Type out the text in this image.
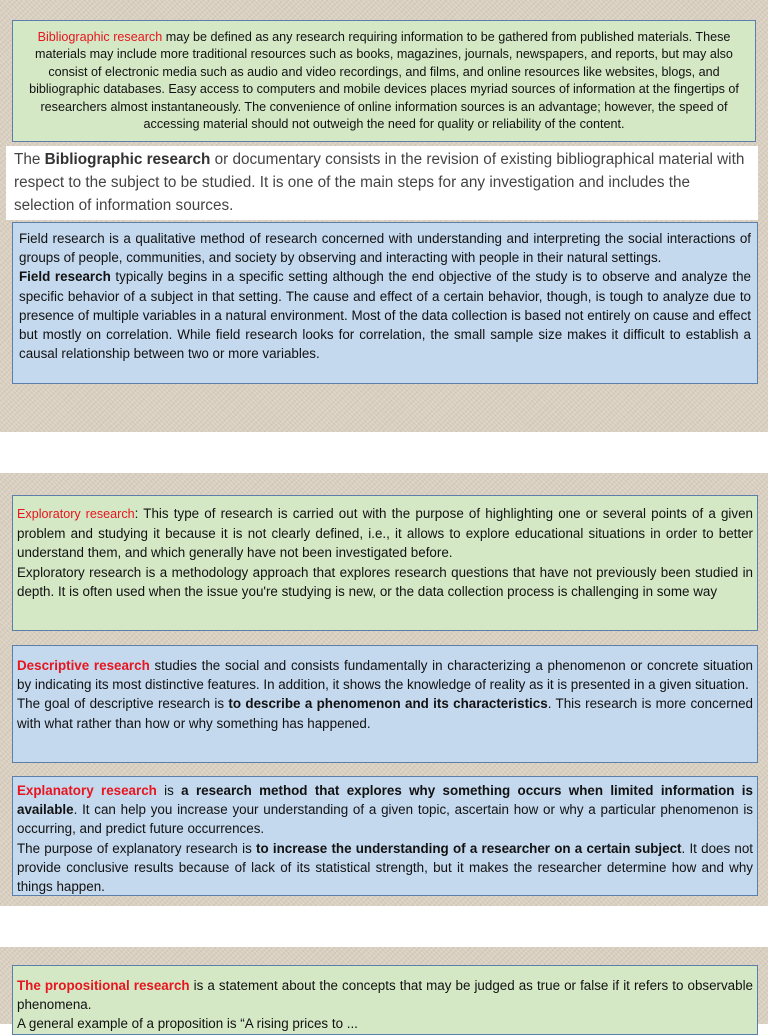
Bibliographic research may be defined as any research requiring information to be gathered from published materials. These materials may include more traditional resources such as books, magazines, journals, newspapers, and reports, but may also consist of electronic media such as audio and video recordings, and films, and online resources like websites, blogs, and bibliographic databases. Easy access to computers and mobile devices places myriad sources of information at the fingertips of researchers almost instantaneously. The convenience of online information sources is an advantage; however, the speed of accessing material should not outweigh the need for quality or reliability of the content.

The Bibliographic research or documentary consists in the revision of existing bibliographical material with respect to the subject to be studied. It is one of the main steps for any investigation and includes the selection of information sources.

Field research is a qualitative method of research concerned with understanding and interpreting the social interactions of groups of people, communities, and society by observing and interacting with people in their natural settings.

Field research typically begins in a specific setting although the end objective of the study is to observe and analyze the specific behavior of a subject in that setting. The cause and effect of a certain behavior, though, is tough to analyze due to presence of multiple variables in a natural environment. Most of the data collection is based not entirely on cause and effect but mostly on correlation. While field research looks for correlation, the small sample size makes it difficult to establish a causal relationship between two or more variables.

Exploratory research: This type of research is carried out with the purpose of highlighting one or several points of a given problem and studying it because it is not clearly defined, i.e., it allows to explore educational situations in order to better understand them, and which generally have not been investigated before.

Exploratory research is a methodology approach that explores research questions that have not previously been studied in depth. It is often used when the issue you're studying is new, or the data collection process is challenging in some way

Descriptive research studies the social and consists fundamentally in characterizing a phenomenon or concrete situation by indicating its most distinctive features. In addition, it shows the knowledge of reality as it is presented in a given situation.

The goal of descriptive research is to describe a phenomenon and its characteristics. This research is more concerned with what rather than how or why something has happened.

Explanatory research is a research method that explores why something occurs when limited information is available. It can help you increase your understanding of a given topic, ascertain how or why a particular phenomenon is occurring, and predict future occurrences.

The purpose of explanatory research is to increase the understanding of a researcher on a certain subject. It does not provide conclusive results because of lack of its statistical strength, but it makes the researcher determine how and why things happen.

The propositional research is a statement about the concepts that may be judged as true or false if it refers to observable phenomena.

A general example of a proposition is “A rising prices to ...
